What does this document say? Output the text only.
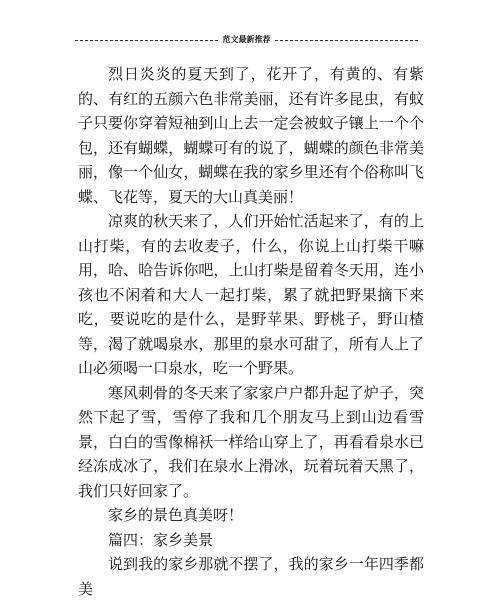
范文最新推荐

烈日炎炎的夏天到了，花开了，有黄的、有紫的、有红的五颜六色非常美丽，还有许多昆虫，有蚊子只要你穿着短袖到山上去一定会被蚊子镶上一个个包，还有蝴蝶，蝴蝶可有的说了，蝴蝶的颜色非常美丽，像一个仙女，蝴蝶在我的家乡里还有个俗称叫飞蝶、飞花等，夏天的大山真美丽！

凉爽的秋天来了，人们开始忙活起来了，有的上山打柴，有的去收麦子，什么，你说上山打柴干嘛用，哈、哈告诉你吧，上山打柴是留着冬天用，连小孩也不闲着和大人一起打柴，累了就把野果摘下来吃，要说吃的是什么，是野苹果、野桃子，野山楂等，渴了就喝泉水，那里的泉水可甜了，所有人上了山必须喝一口泉水，吃一个野果。

寒风刺骨的冬天来了家家户户都升起了炉子，突然下起了雪，雪停了我和几个朋友马上到山边看雪景，白白的雪像棉袄一样给山穿上了，再看看泉水已经冻成冰了，我们在泉水上滑冰，玩着玩着天黑了，我们只好回家了。

家乡的景色真美呀！

篇四：家乡美景

说到我的家乡那就不摆了，我的家乡一年四季都美
